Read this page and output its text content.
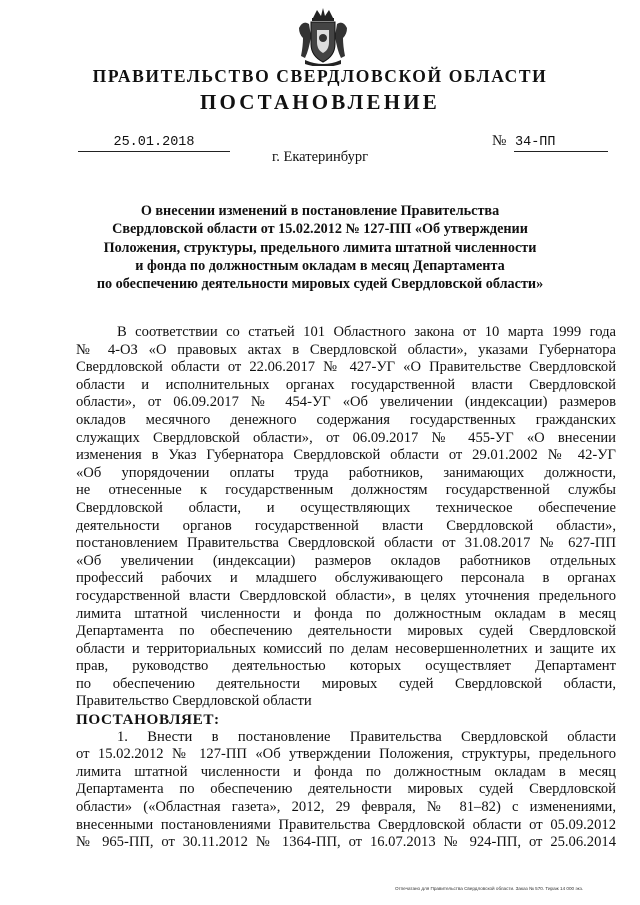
ПРАВИТЕЛЬСТВО СВЕРДЛОВСКОЙ ОБЛАСТИ
ПОСТАНОВЛЕНИЕ
25.01.2018	№ 34-ПП
г. Екатеринбург
О внесении изменений в постановление Правительства
Свердловской области от 15.02.2012 № 127-ПП «Об утверждении
Положения, структуры, предельного лимита штатной численности
и фонда по должностным окладам в месяц Департамента
по обеспечению деятельности мировых судей Свердловской области»
В соответствии со статьей 101 Областного закона от 10 марта 1999 года
№ 4-ОЗ «О правовых актах в Свердловской области», указами Губернатора
Свердловской области от 22.06.2017 № 427-УГ «О Правительстве Свердловской
области и исполнительных органах государственной власти Свердловской
области», от 06.09.2017 № 454-УГ «Об увеличении (индексации) размеров
окладов месячного денежного содержания государственных гражданских
служащих Свердловской области», от 06.09.2017 № 455-УГ «О внесении
изменения в Указ Губернатора Свердловской области от 29.01.2002 № 42-УГ
«Об упорядочении оплаты труда работников, занимающих должности,
не отнесенные к государственным должностям государственной службы
Свердловской области, и осуществляющих техническое обеспечение
деятельности органов государственной власти Свердловской области»,
постановлением Правительства Свердловской области от 31.08.2017 № 627-ПП
«Об увеличении (индексации) размеров окладов работников отдельных
профессий рабочих и младшего обслуживающего персонала в органах
государственной власти Свердловской области», в целях уточнения предельного
лимита штатной численности и фонда по должностным окладам в месяц
Департамента по обеспечению деятельности мировых судей Свердловской
области и территориальных комиссий по делам несовершеннолетних и защите их
прав, руководство деятельностью которых осуществляет Департамент
по обеспечению деятельности мировых судей Свердловской области,
Правительство Свердловской области
ПОСТАНОВЛЯЕТ:
1. Внести в постановление Правительства Свердловской области
от 15.02.2012 № 127-ПП «Об утверждении Положения, структуры, предельного
лимита штатной численности и фонда по должностным окладам в месяц
Департамента по обеспечению деятельности мировых судей Свердловской
области» («Областная газета», 2012, 29 февраля, № 81–82) с изменениями,
внесенными постановлениями Правительства Свердловской области от 05.09.2012
№ 965-ПП, от 30.11.2012 № 1364-ПП, от 16.07.2013 № 924-ПП, от 25.06.2014
Отпечатано для Правительства Свердловской области. Заказ № 570. Тираж 14 000 экз.
